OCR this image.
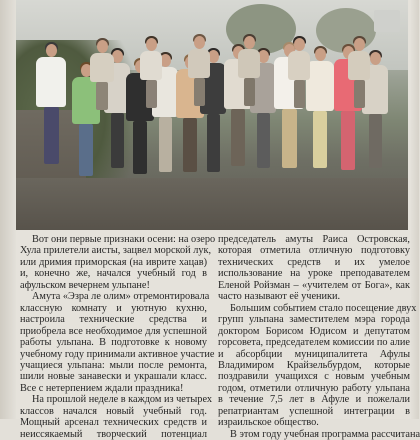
Вот они первые признаки осени: на озеро
Хула прилетели аисты, зацвел морской лук,
или дримия приморская (на иврите хацав)
и, конечно же, начался учебный год в
афульском вечернем ульпане!
Амута «Эзра ле олим» отремонтировала
классную комнату и уютную кухню,
настроила технические средства и
приобрела все необходимое для успешной
работы ульпана. В подготовке к новому
учебному году принимали активное участие
учащиеся ульпана: мыли после ремонта,
шили новые занавески и украшали класс.
Все с нетерпением ждали праздника!
На прошлой неделе в каждом из четырех
классов начался новый учебный год.
Мощный арсенал технических средств и
неиссякаемый творческий потенциал
председатель амуты Раиса Островская,
которая отметила отличную подготовку
технических средств и их умелое
использование на уроке преподавателем
Еленой Ройзман – «учителем от Бога», как
часто называют её ученики.
Большим событием стало посещение двух
групп ульпана заместителем мэра города
доктором Борисом Юдисом и депутатом
горсовета, председателем комиссии по алие
и абсорбции муниципалитета Афулы
Владимиром Крайзельбурдом, которые
поздравили учащихся с новым учебным
годом, отметили отличную работу ульпана
в течение 7,5 лет в Афуле и пожелали
репатриантам успешной интеграции в
израильское общество.
В этом году учебная программа рассчитана
